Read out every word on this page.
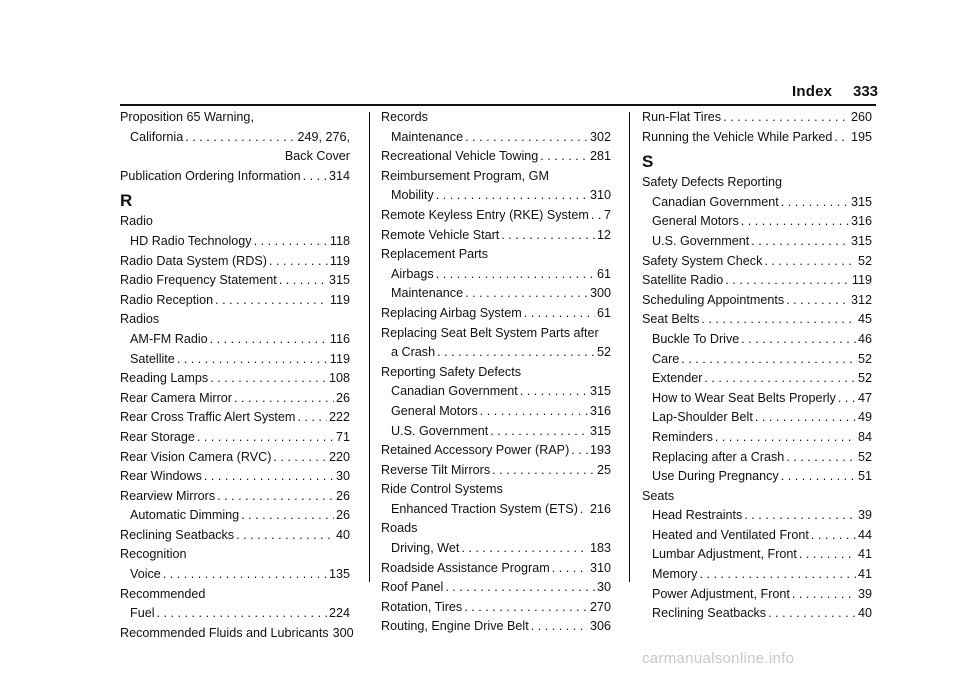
Index 333
Proposition 65 Warning,
California . . .	249, 276,
Back Cover
Publication Ordering Information . . . 314
R
Radio
HD Radio Technology . . .	118
Radio Data System (RDS) . . .	119
Radio Frequency Statement . . .	315
Radio Reception . . .	119
Radios
AM-FM Radio . . .	116
Satellite . . .	119
Reading Lamps . . .	108
Rear Camera Mirror . . .	26
Rear Cross Traffic Alert System . . .	222
Rear Storage . . .	71
Rear Vision Camera (RVC) . . .	220
Rear Windows . . .	30
Rearview Mirrors . . .	26
Automatic Dimming . . .	26
Reclining Seatbacks . . .	40
Recognition
Voice . . .	135
Recommended
Fuel . . .	224
Recommended Fluids and Lubricants 300
Records
Maintenance . . .	302
Recreational Vehicle Towing . . .	281
Reimbursement Program, GM
Mobility . . .	310
Remote Keyless Entry (RKE) System . . . 7
Remote Vehicle Start . . .	12
Replacement Parts
Airbags . . .	61
Maintenance . . .	300
Replacing Airbag System . . .	61
Replacing Seat Belt System Parts after
a Crash . . .	52
Reporting Safety Defects
Canadian Government . . .	315
General Motors . . .	316
U.S. Government . . .	315
Retained Accessory Power (RAP) . . . 193
Reverse Tilt Mirrors . . .	25
Ride Control Systems
Enhanced Traction System (ETS) . . . 216
Roads
Driving, Wet . . .	183
Roadside Assistance Program . . .	310
Roof Panel . . .	30
Rotation, Tires . . .	270
Routing, Engine Drive Belt . . .	306
Run-Flat Tires . . .	260
Running the Vehicle While Parked . . . 195
S
Safety Defects Reporting
Canadian Government . . .	315
General Motors . . .	316
U.S. Government . . .	315
Safety System Check . . .	52
Satellite Radio . . .	119
Scheduling Appointments . . .	312
Seat Belts . . .	45
Buckle To Drive . . .	46
Care . . .	52
Extender . . .	52
How to Wear Seat Belts Properly . . . 47
Lap-Shoulder Belt . . .	49
Reminders . . .	84
Replacing after a Crash . . .	52
Use During Pregnancy . . .	51
Seats
Head Restraints . . .	39
Heated and Ventilated Front . . .	44
Lumbar Adjustment, Front . . .	41
Memory . . .	41
Power Adjustment, Front . . .	39
Reclining Seatbacks . . .	40
carmanualsonline.info
